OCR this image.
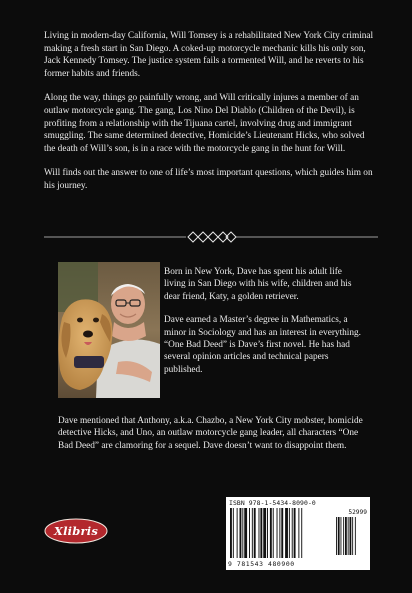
Living in modern-day California, Will Tomsey is a rehabilitated New York City criminal making a fresh start in San Diego. A coked-up motorcycle mechanic kills his only son, Jack Kennedy Tomsey. The justice system fails a tormented Will, and he reverts to his former habits and friends.

Along the way, things go painfully wrong, and Will critically injures a member of an outlaw motorcycle gang. The gang, Los Nino Del Diablo (Children of the Devil), is profiting from a relationship with the Tijuana cartel, involving drug and immigrant smuggling. The same determined detective, Homicide’s Lieutenant Hicks, who solved the death of Will’s son, is in a race with the motorcycle gang in the hunt for Will.

Will finds out the answer to one of life’s most important questions, which guides him on his journey.

Born in New York, Dave has spent his adult life living in San Diego with his wife, children and his dear friend, Katy, a golden retriever.

Dave earned a Master’s degree in Mathematics, a minor in Sociology and has an interest in everything. “One Bad Deed” is Dave’s first novel. He has had several opinion articles and technical papers published.

Dave mentioned that Anthony, a.k.a. Chazbo, a New York City mobster, homicide detective Hicks, and Uno, an outlaw motorcycle gang leader, all characters “One Bad Deed” are clamoring for a sequel. Dave doesn’t want to disappoint them.

Xlibris
ISBN 978-1-5434-8090-0
52999
9 781543 480900
